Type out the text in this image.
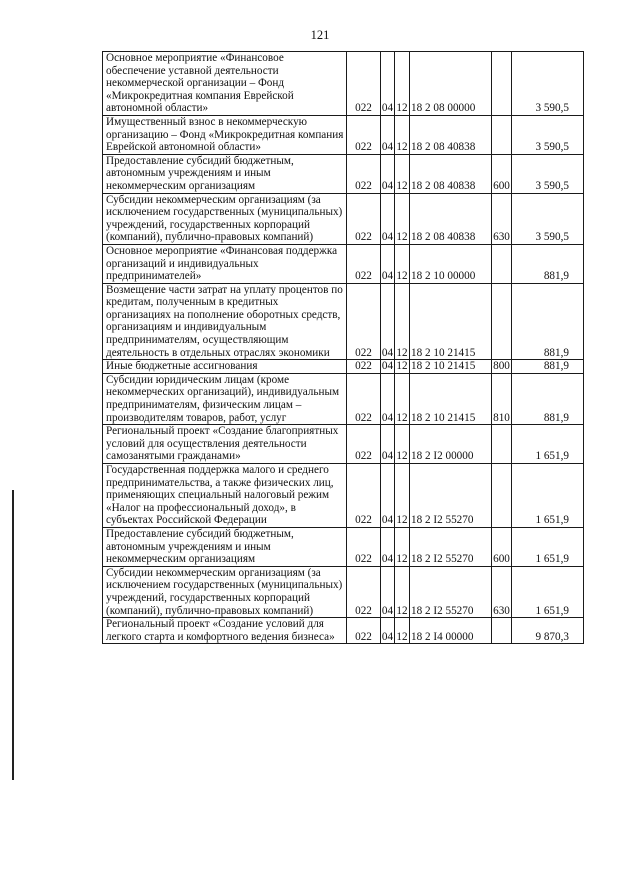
121
Основное мероприятие «Финансовое обеспечение уставной деятельности некоммерческой организации – Фонд «Микрокредитная компания Еврейской автономной области»	022	04	12	18 2 08 00000		3 590,5
Имущественный взнос в некоммерческую организацию – Фонд «Микрокредитная компания Еврейской автономной области»	022	04	12	18 2 08 40838		3 590,5
Предоставление субсидий бюджетным, автономным учреждениям и иным некоммерческим организациям	022	04	12	18 2 08 40838	600	3 590,5
Субсидии некоммерческим организациям (за исключением государственных (муниципальных) учреждений, государственных корпораций (компаний), публично-правовых компаний)	022	04	12	18 2 08 40838	630	3 590,5
Основное мероприятие «Финансовая поддержка организаций и индивидуальных предпринимателей»	022	04	12	18 2 10 00000		881,9
Возмещение части затрат на уплату процентов по кредитам, полученным в кредитных организациях на пополнение оборотных средств, организациям и индивидуальным предпринимателям, осуществляющим деятельность в отдельных отраслях экономики	022	04	12	18 2 10 21415		881,9
Иные бюджетные ассигнования	022	04	12	18 2 10 21415	800	881,9
Субсидии юридическим лицам (кроме некоммерческих организаций), индивидуальным предпринимателям, физическим лицам – производителям товаров, работ, услуг	022	04	12	18 2 10 21415	810	881,9
Региональный проект «Создание благоприятных условий для осуществления деятельности самозанятыми гражданами»	022	04	12	18 2 I2 00000		1 651,9
Государственная поддержка малого и среднего предпринимательства, а также физических лиц, применяющих специальный налоговый режим «Налог на профессиональный доход», в субъектах Российской Федерации	022	04	12	18 2 I2 55270		1 651,9
Предоставление субсидий бюджетным, автономным учреждениям и иным некоммерческим организациям	022	04	12	18 2 I2 55270	600	1 651,9
Субсидии некоммерческим организациям (за исключением государственных (муниципальных) учреждений, государственных корпораций (компаний), публично-правовых компаний)	022	04	12	18 2 I2 55270	630	1 651,9
Региональный проект «Создание условий для легкого старта и комфортного ведения бизнеса»	022	04	12	18 2 I4 00000		9 870,3
